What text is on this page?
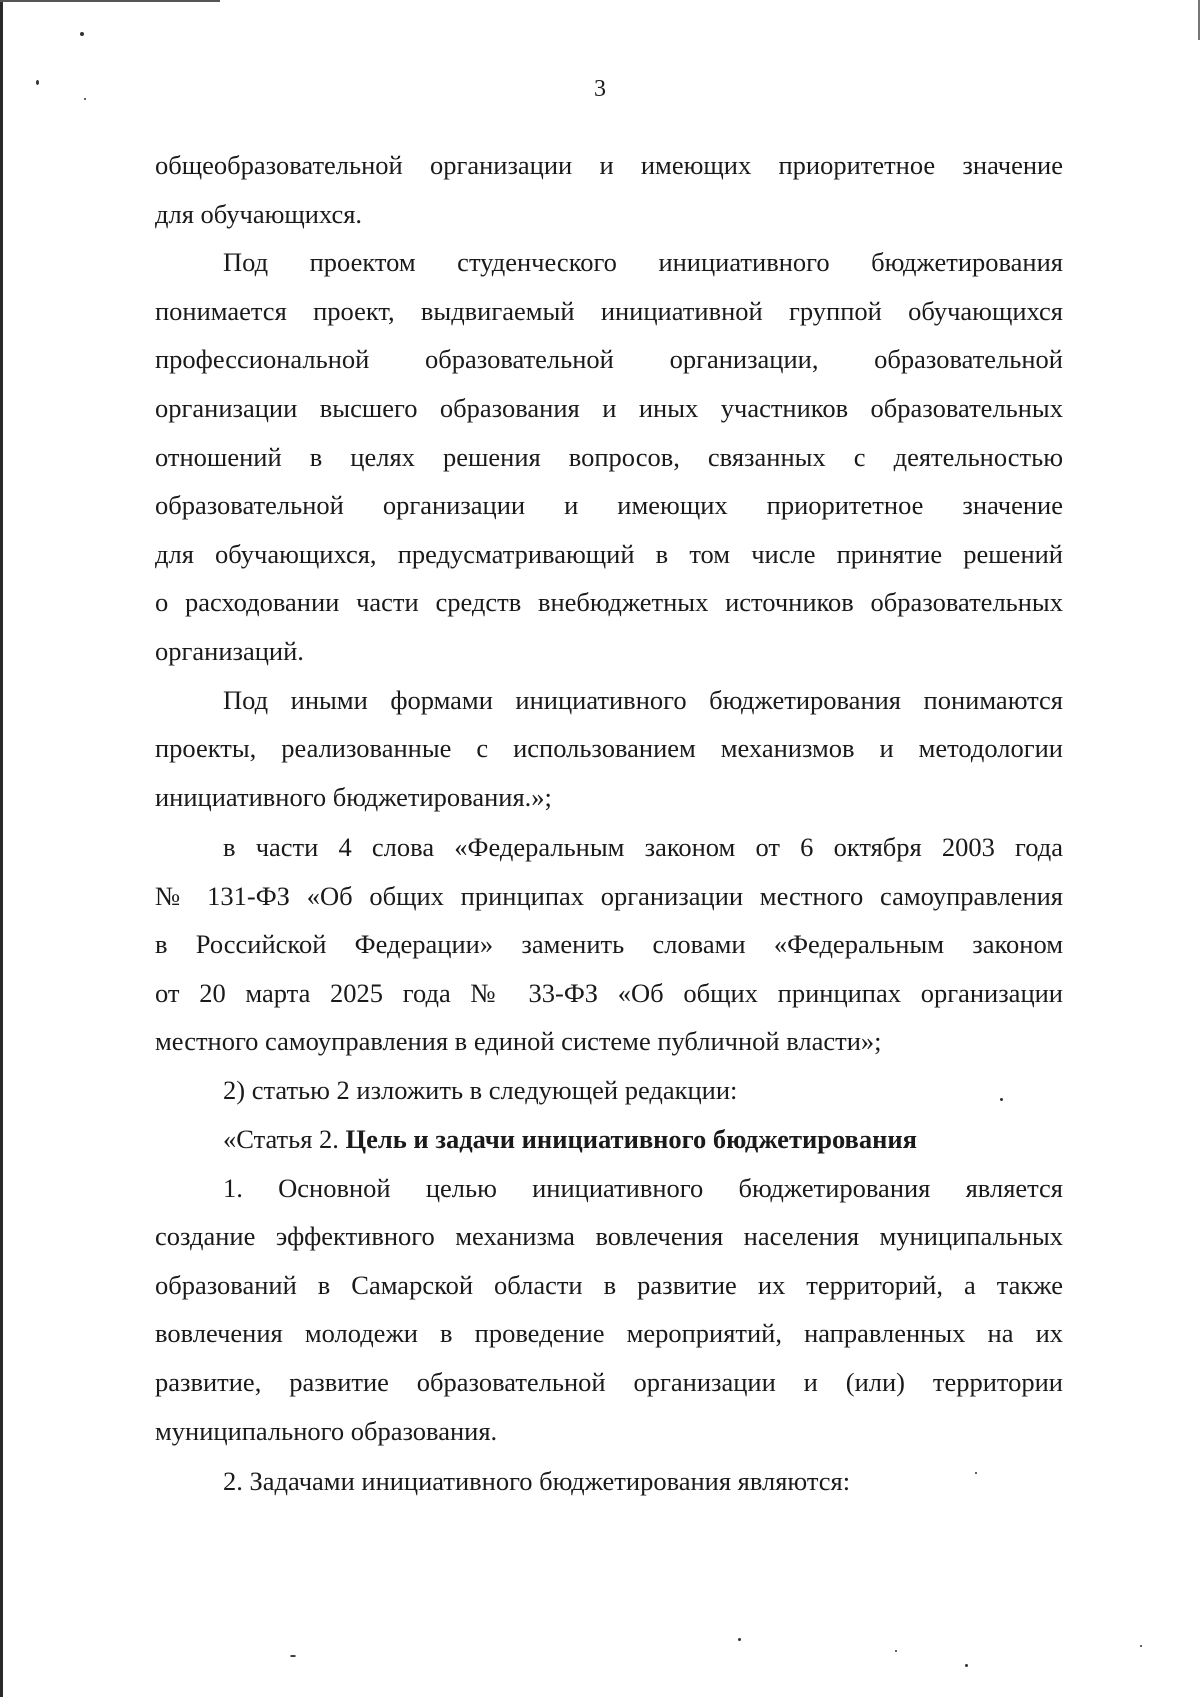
3
общеобразовательной организации и имеющих приоритетное значение
для обучающихся.
Под проектом студенческого инициативного бюджетирования
понимается проект, выдвигаемый инициативной группой обучающихся
профессиональной образовательной организации, образовательной
организации высшего образования и иных участников образовательных
отношений в целях решения вопросов, связанных с деятельностью
образовательной организации и имеющих приоритетное значение
для обучающихся, предусматривающий в том числе принятие решений
о расходовании части средств внебюджетных источников образовательных
организаций.
Под иными формами инициативного бюджетирования понимаются
проекты, реализованные с использованием механизмов и методологии
инициативного бюджетирования.»;
в части 4 слова «Федеральным законом от 6 октября 2003 года
№ 131-ФЗ «Об общих принципах организации местного самоуправления
в Российской Федерации» заменить словами «Федеральным законом
от 20 марта 2025 года № 33-ФЗ «Об общих принципах организации
местного самоуправления в единой системе публичной власти»;
2) статью 2 изложить в следующей редакции:
«Статья 2. Цель и задачи инициативного бюджетирования
1. Основной целью инициативного бюджетирования является
создание эффективного механизма вовлечения населения муниципальных
образований в Самарской области в развитие их территорий, а также
вовлечения молодежи в проведение мероприятий, направленных на их
развитие, развитие образовательной организации и (или) территории
муниципального образования.
2. Задачами инициативного бюджетирования являются:
